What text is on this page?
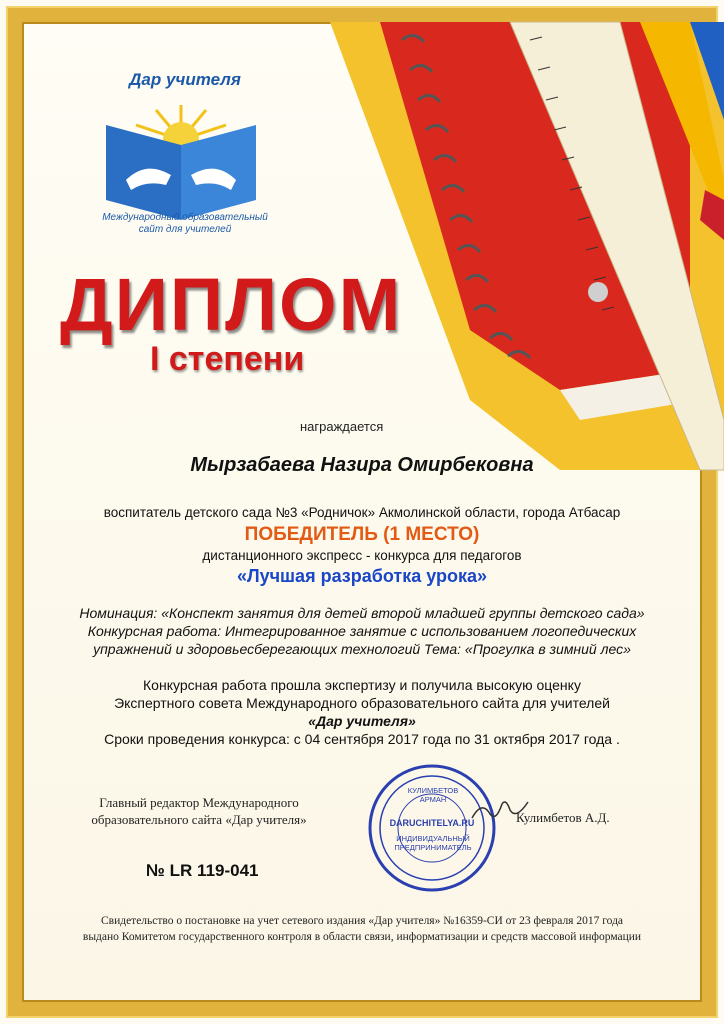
Дар учителя
Международный образовательный
сайт для учителей
ДИПЛОМ
I степени
награждается
Мырзабаева Назира Омирбековна
воспитатель детского сада №3 «Родничок» Акмолинской области, города Атбасар
ПОБЕДИТЕЛЬ (1 МЕСТО)
дистанционного экспресс - конкурса для педагогов
«Лучшая разработка урока»
Номинация: «Конспект занятия для детей второй младшей группы детского сада»
Конкурсная работа: Интегрированное занятие с использованием логопедических
упражнений и здоровьесберегающих технологий Тема: «Прогулка в зимний лес»
Конкурсная работа прошла экспертизу и получила высокую оценку
Экспертного совета Международного образовательного сайта для учителей
«Дар учителя»
Сроки проведения конкурса: с 04 сентября 2017 года по 31 октября 2017 года .
Главный редактор Международного
образовательного сайта «Дар учителя»
КУЛИМБЕТОВ
АРМАН
DARUCHITELYA.RU
ИНДИВИДУАЛЬНЫЙ
ПРЕДПРИНИМАТЕЛЬ
Кулимбетов А.Д.
№ LR 119-041
Свидетельство о постановке на учет сетевого издания «Дар учителя» №16359-СИ от 23 февраля 2017 года
выдано Комитетом государственного контроля в области связи, информатизации и средств массовой информации
